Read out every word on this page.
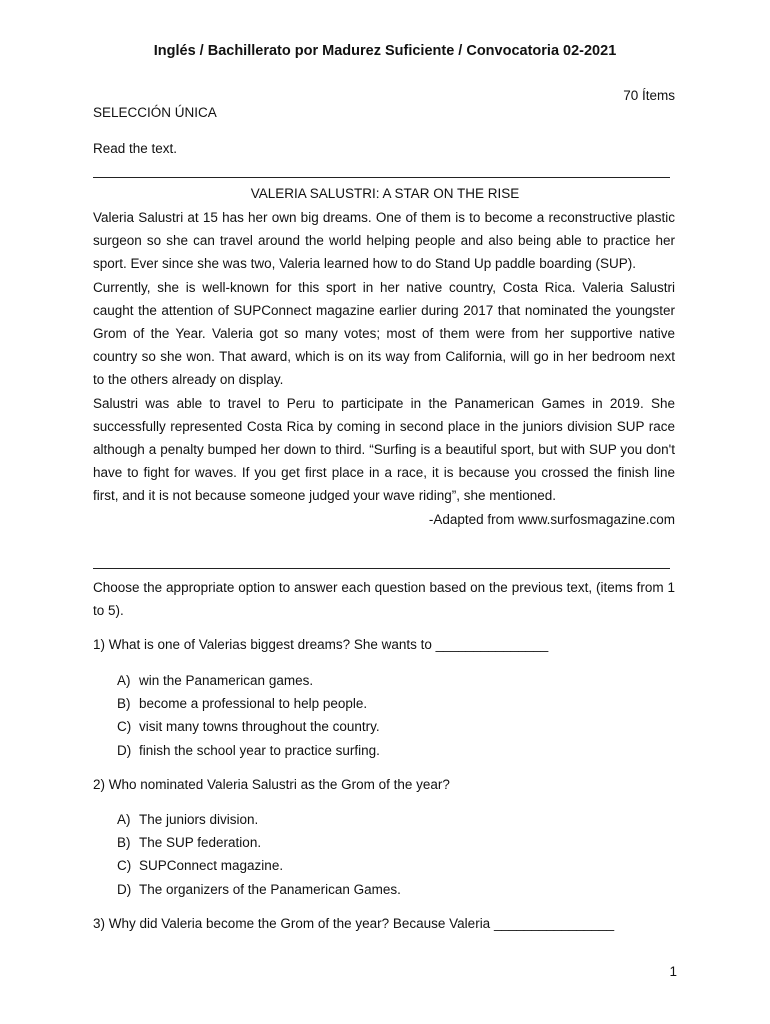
Inglés / Bachillerato por Madurez Suficiente / Convocatoria 02-2021
70 Ítems
SELECCIÓN ÚNICA
Read the text.
VALERIA SALUSTRI: A STAR ON THE RISE

Valeria Salustri at 15 has her own big dreams. One of them is to become a reconstructive plastic surgeon so she can travel around the world helping people and also being able to practice her sport. Ever since she was two, Valeria learned how to do Stand Up paddle boarding (SUP).

Currently, she is well-known for this sport in her native country, Costa Rica. Valeria Salustri caught the attention of SUPConnect magazine earlier during 2017 that nominated the youngster Grom of the Year. Valeria got so many votes; most of them were from her supportive native country so she won. That award, which is on its way from California, will go in her bedroom next to the others already on display.

Salustri was able to travel to Peru to participate in the Panamerican Games in 2019. She successfully represented Costa Rica by coming in second place in the juniors division SUP race although a penalty bumped her down to third. “Surfing is a beautiful sport, but with SUP you don't have to fight for waves. If you get first place in a race, it is because you crossed the finish line first, and it is not because someone judged your wave riding”, she mentioned.

-Adapted from www.surfosmagazine.com

Choose the appropriate option to answer each question based on the previous text, (items from 1 to 5).
1) What is one of Valerias biggest dreams? She wants to _______________
A) win the Panamerican games.
B) become a professional to help people.
C) visit many towns throughout the country.
D) finish the school year to practice surfing.
2) Who nominated Valeria Salustri as the Grom of the year?
A) The juniors division.
B) The SUP federation.
C) SUPConnect magazine.
D) The organizers of the Panamerican Games.
3) Why did Valeria become the Grom of the year? Because Valeria ________________
1
